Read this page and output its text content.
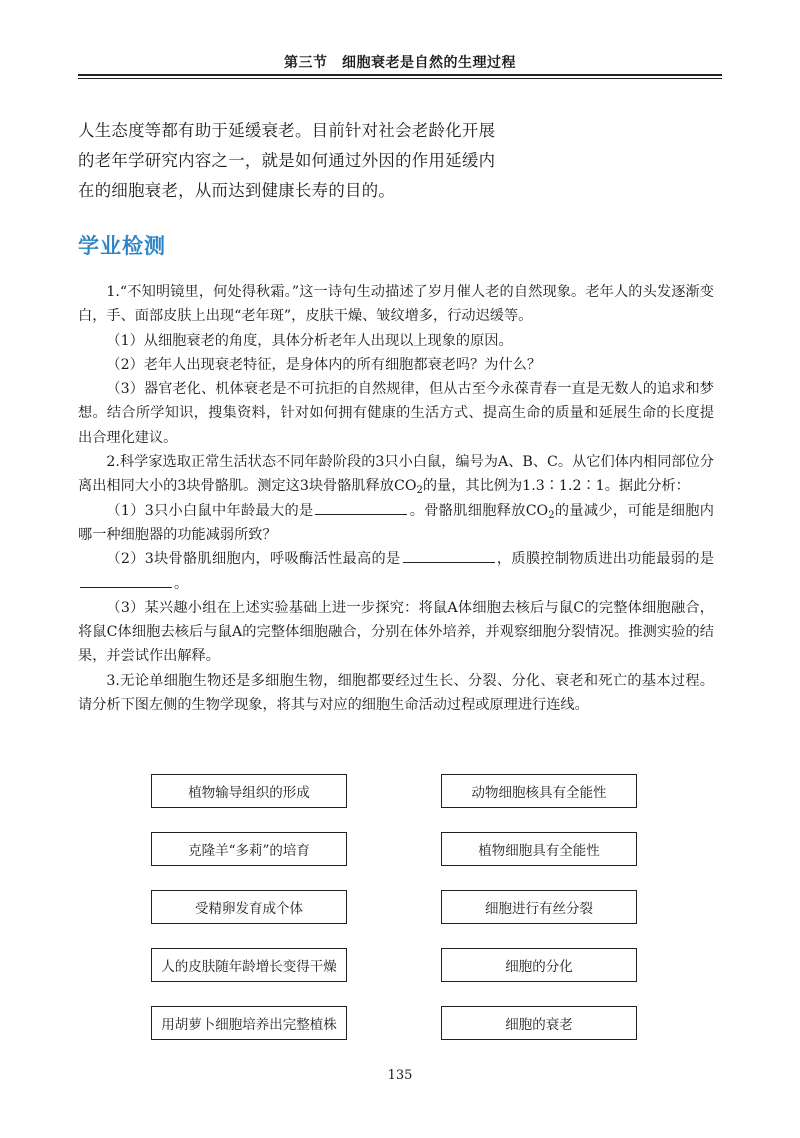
第三节　细胞衰老是自然的生理过程

人生态度等都有助于延缓衰老。目前针对社会老龄化开展

的老年学研究内容之一，就是如何通过外因的作用延缓内

在的细胞衰老，从而达到健康长寿的目的。

学业检测

1.“不知明镜里，何处得秋霜。”这一诗句生动描述了岁月催人老的自然现象。老年人的头发逐渐变白，手、面部皮肤上出现“老年斑”，皮肤干燥、皱纹增多，行动迟缓等。

（1）从细胞衰老的角度，具体分析老年人出现以上现象的原因。

（2）老年人出现衰老特征，是身体内的所有细胞都衰老吗？为什么？

（3）器官老化、机体衰老是不可抗拒的自然规律，但从古至今永葆青春一直是无数人的追求和梦想。结合所学知识，搜集资料，针对如何拥有健康的生活方式、提高生命的质量和延展生命的长度提出合理化建议。

2.科学家选取正常生活状态不同年龄阶段的3只小白鼠，编号为A、B、C。从它们体内相同部位分离出相同大小的3块骨骼肌。测定这3块骨骼肌释放$CO_2$的量，其比例为1.3∶1.2∶1。据此分析：

（1）3只小白鼠中年龄最大的是	。骨骼肌细胞释放$CO_2$的量减少，可能是细胞内哪一种细胞器的功能减弱所致？

（2）3块骨骼肌细胞内，呼吸酶活性最高的是	，质膜控制物质进出功能最弱的是。

（3）某兴趣小组在上述实验基础上进一步探究：将鼠A体细胞去核后与鼠C的完整体细胞融合，将鼠C体细胞去核后与鼠A的完整体细胞融合，分别在体外培养，并观察细胞分裂情况。推测实验的结果，并尝试作出解释。

3.无论单细胞生物还是多细胞生物，细胞都要经过生长、分裂、分化、衰老和死亡的基本过程。请分析下图左侧的生物学现象，将其与对应的细胞生命活动过程或原理进行连线。

植物输导组织的形成
克隆羊“多莉”的培育
受精卵发育成个体
人的皮肤随年龄增长变得干燥
用胡萝卜细胞培养出完整植株
动物细胞核具有全能性
植物细胞具有全能性
细胞进行有丝分裂
细胞的分化
细胞的衰老
135
